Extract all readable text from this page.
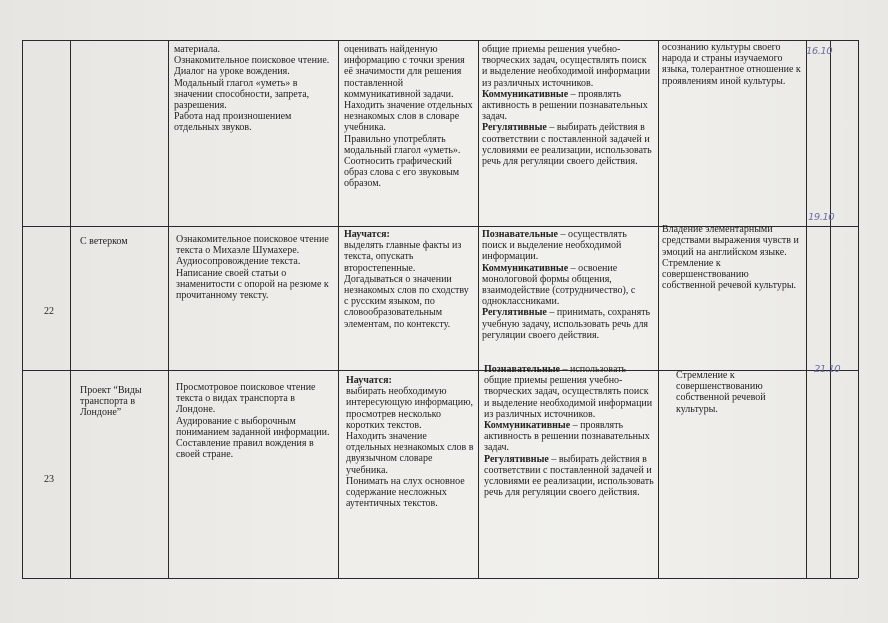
материала.

Ознакомительное поисковое чтение.

Диалог на уроке вождения.

Модальный глагол «уметь» в значении способности, запрета, разрешения.

Работа над произношением отдельных звуков.

оценивать найденную информацию с точки зрения её значимости для решения поставленной коммуникативной задачи.

Находить значение отдельных незнакомых слов в словаре учебника.

Правильно употреблять модальный глагол «уметь».

Соотносить графический образ слова с его звуковым образом.

общие приемы решения учебно-творческих задач, осуществлять поиск и выделение необходимой информации из различных источников.

Коммуникативные – проявлять активность в решении познавательных задач.

Регулятивные – выбирать действия в соответствии с поставленной задачей и условиями ее реализации, использовать речь для регуляции своего действия.

осознанию культуры своего народа и страны изучаемого языка, толерантное отношение к проявлениям иной культуры.

16.10
22

С ветерком	Ознакомительное поисковое чтение текста о Михаэле Шумахере. Аудиосопровождение текста.

Написание своей статьи о знаменитости с опорой на резюме к прочитанному тексту.

Научатся:

выделять главные факты из текста, опускать второстепенные.

Догадываться о значении незнакомых слов по сходству с русским языком, по словообразовательным элементам, по контексту.

Познавательные – осуществлять поиск и выделение необходимой информации.

Коммуникативные – освоение монологовой формы общения, взаимодействие (сотрудничество), с одноклассниками.

Регулятивные – принимать, сохранять учебную задачу, использовать речь для регуляции своего действия.

Владение элементарными средствами выражения чувств и эмоций на английском языке.
Стремление к совершенствованию собственной речевой культуры.

19.10
23

Проект “Виды транспорта в Лондоне”

Просмотровое поисковое чтение текста о видах транспорта в Лондоне.

Аудирование с выборочным пониманием заданной информации.

Составление правил вождения в своей стране.

Научатся:

выбирать необходимую интересующую информацию, просмотрев несколько коротких текстов.

Находить значение отдельных незнакомых слов в двуязычном словаре учебника.

Понимать на слух основное содержание несложных аутентичных текстов.

Познавательные – использовать общие приемы решения учебно-творческих задач, осуществлять поиск и выделение необходимой информации из различных источников.

Коммуникативные – проявлять активность в решении познавательных задач.

Регулятивные – выбирать действия в соответствии с поставленной задачей и условиями ее реализации, использовать речь для регуляции своего действия.

Стремление к совершенствованию собственной речевой культуры.

21.10
